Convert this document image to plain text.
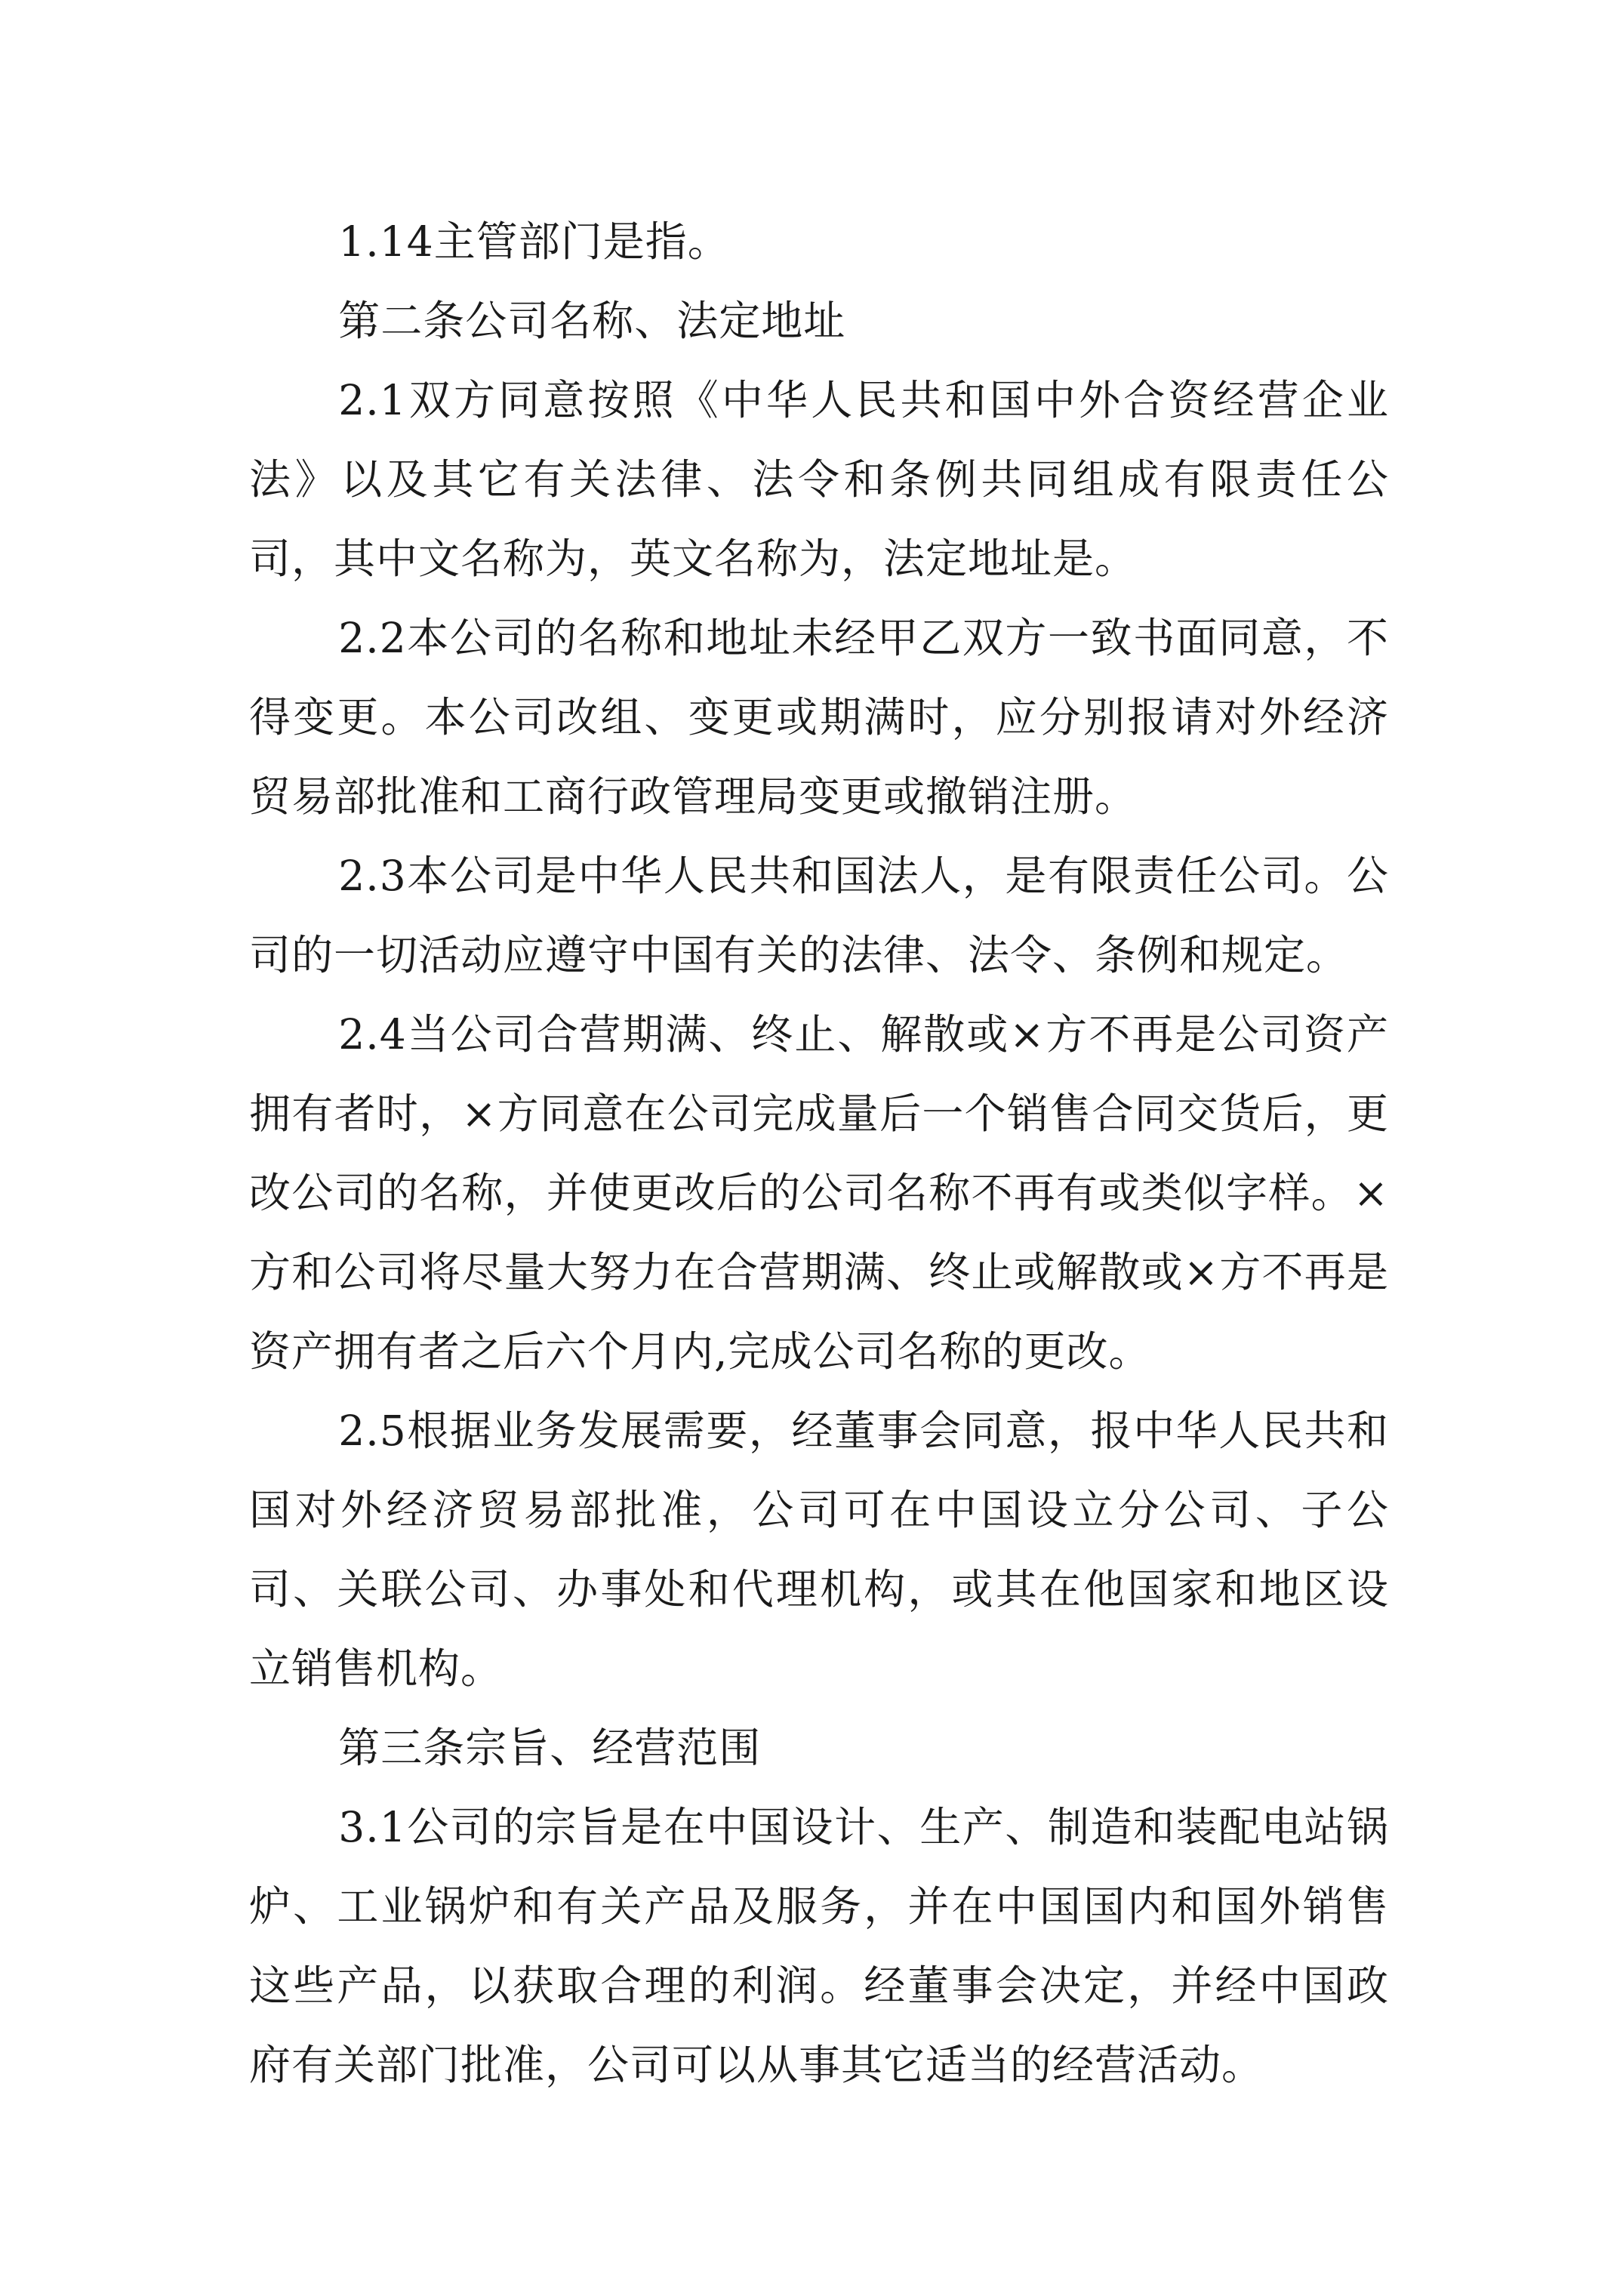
1.14主管部门是指。

第二条公司名称、法定地址

2.1双方同意按照《中华人民共和国中外合资经营企业法》以及其它有关法律、法令和条例共同组成有限责任公司，其中文名称为，英文名称为，法定地址是。

2.2本公司的名称和地址未经甲乙双方一致书面同意，不得变更。本公司改组、变更或期满时，应分别报请对外经济贸易部批准和工商行政管理局变更或撤销注册。

2.3本公司是中华人民共和国法人，是有限责任公司。公司的一切活动应遵守中国有关的法律、法令、条例和规定。

2.4当公司合营期满、终止、解散或×方不再是公司资产拥有者时，×方同意在公司完成量后一个销售合同交货后，更改公司的名称，并使更改后的公司名称不再有或类似字样。×方和公司将尽量大努力在合营期满、终止或解散或×方不再是资产拥有者之后六个月内,完成公司名称的更改。

2.5根据业务发展需要，经董事会同意，报中华人民共和国对外经济贸易部批准，公司可在中国设立分公司、子公司、关联公司、办事处和代理机构，或其在他国家和地区设立销售机构。

第三条宗旨、经营范围

3.1公司的宗旨是在中国设计、生产、制造和装配电站锅炉、工业锅炉和有关产品及服务，并在中国国内和国外销售这些产品，以获取合理的利润。经董事会决定，并经中国政府有关部门批准，公司可以从事其它适当的经营活动。
